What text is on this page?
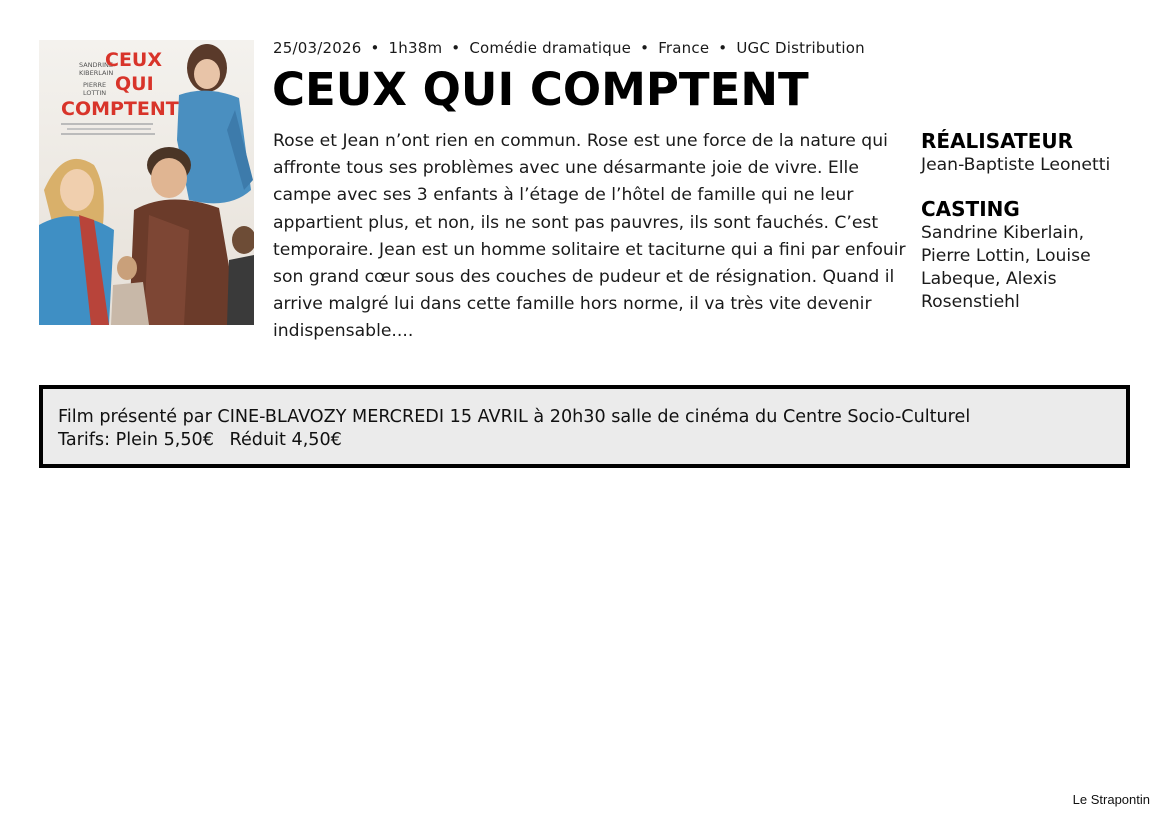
SANDRINE
KIBERLAIN
PIERRE
LOTTIN
CEUX
QUI
COMPTENT
25/03/2026 • 1h38m • Comédie dramatique • France • UGC Distribution
CEUX QUI COMPTENT

Rose et Jean n’ont rien en commun. Rose est une force de la nature qui affronte tous ses problèmes avec une désarmante joie de vivre. Elle campe avec ses 3 enfants à l’étage de l’hôtel de famille qui ne leur appartient plus, et non, ils ne sont pas pauvres, ils sont fauchés. C’est temporaire. Jean est un homme solitaire et taciturne qui a fini par enfouir son grand cœur sous des couches de pudeur et de résignation. Quand il arrive malgré lui dans cette famille hors norme, il va très vite devenir indispensable....

RÉALISATEUR

Jean-Baptiste Leonetti

CASTING

Sandrine Kiberlain, Pierre Lottin, Louise Labeque, Alexis Rosenstiehl

Film présenté par CINE-BLAVOZY MERCREDI 15 AVRIL à 20h30 salle de cinéma du Centre Socio-Culturel
Tarifs: Plein 5,50€ Réduit 4,50€
Le Strapontin
